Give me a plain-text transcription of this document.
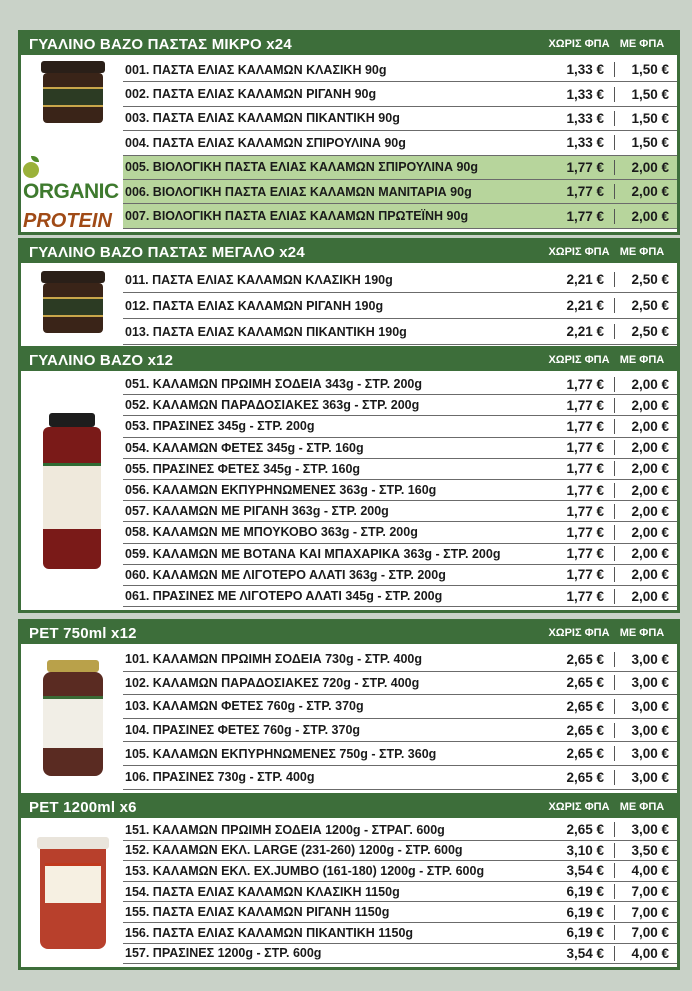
ΓΥΑΛΙΝΟ ΒΑΖΟ ΠΑΣΤΑΣ ΜΙΚΡΟ x24	ΧΩΡΙΣ ΦΠΑ ΜΕ ΦΠΑ
ORGANIC
PROTEIN
001. ΠΑΣΤΑ ΕΛΙΑΣ ΚΑΛΑΜΩΝ ΚΛΑΣΙΚΗ 90g	1,33 €	1,50 €
002. ΠΑΣΤΑ ΕΛΙΑΣ ΚΑΛΑΜΩΝ ΡΙΓΑΝΗ 90g	1,33 €	1,50 €
003. ΠΑΣΤΑ ΕΛΙΑΣ ΚΑΛΑΜΩΝ ΠΙΚΑΝΤΙΚΗ 90g	1,33 €	1,50 €
004. ΠΑΣΤΑ ΕΛΙΑΣ ΚΑΛΑΜΩΝ ΣΠΙΡΟΥΛΙΝΑ 90g	1,33 €	1,50 €
005. ΒΙΟΛΟΓΙΚΗ ΠΑΣΤΑ ΕΛΙΑΣ ΚΑΛΑΜΩΝ ΣΠΙΡΟΥΛΙΝΑ 90g	1,77 €	2,00 €
006. ΒΙΟΛΟΓΙΚΗ ΠΑΣΤΑ ΕΛΙΑΣ ΚΑΛΑΜΩΝ ΜΑΝΙΤΑΡΙΑ 90g	1,77 €	2,00 €
007. ΒΙΟΛΟΓΙΚΗ ΠΑΣΤΑ ΕΛΙΑΣ ΚΑΛΑΜΩΝ ΠΡΩΤΕΪΝΗ 90g	1,77 €	2,00 €
ΓΥΑΛΙΝΟ ΒΑΖΟ ΠΑΣΤΑΣ ΜΕΓΑΛΟ x24	ΧΩΡΙΣ ΦΠΑ ΜΕ ΦΠΑ
011. ΠΑΣΤΑ ΕΛΙΑΣ ΚΑΛΑΜΩΝ ΚΛΑΣΙΚΗ 190g	2,21 €	2,50 €
012. ΠΑΣΤΑ ΕΛΙΑΣ ΚΑΛΑΜΩΝ ΡΙΓΑΝΗ 190g	2,21 €	2,50 €
013. ΠΑΣΤΑ ΕΛΙΑΣ ΚΑΛΑΜΩΝ ΠΙΚΑΝΤΙΚΗ 190g	2,21 €	2,50 €
ΓΥΑΛΙΝΟ ΒΑΖΟ x12	ΧΩΡΙΣ ΦΠΑ ΜΕ ΦΠΑ
051. ΚΑΛΑΜΩΝ ΠΡΩΙΜΗ ΣΟΔΕΙΑ 343g - ΣΤΡ. 200g	1,77 €	2,00 €
052. ΚΑΛΑΜΩΝ ΠΑΡΑΔΟΣΙΑΚΕΣ 363g - ΣΤΡ. 200g	1,77 €	2,00 €
053. ΠΡΑΣΙΝΕΣ 345g - ΣΤΡ. 200g	1,77 €	2,00 €
054. ΚΑΛΑΜΩΝ ΦΕΤΕΣ 345g - ΣΤΡ. 160g	1,77 €	2,00 €
055. ΠΡΑΣΙΝΕΣ ΦΕΤΕΣ 345g - ΣΤΡ. 160g	1,77 €	2,00 €
056. ΚΑΛΑΜΩΝ ΕΚΠΥΡΗΝΩΜΕΝΕΣ 363g - ΣΤΡ. 160g	1,77 €	2,00 €
057. ΚΑΛΑΜΩΝ ΜΕ ΡΙΓΑΝΗ 363g - ΣΤΡ. 200g	1,77 €	2,00 €
058. ΚΑΛΑΜΩΝ ΜΕ ΜΠΟΥΚΟΒΟ 363g - ΣΤΡ. 200g	1,77 €	2,00 €
059. ΚΑΛΑΜΩΝ ΜΕ ΒΟΤΑΝΑ ΚΑΙ ΜΠΑΧΑΡΙΚΑ 363g - ΣΤΡ. 200g	1,77 €	2,00 €
060. ΚΑΛΑΜΩΝ ΜΕ ΛΙΓΟΤΕΡΟ ΑΛΑΤΙ 363g - ΣΤΡ. 200g	1,77 €	2,00 €
061. ΠΡΑΣΙΝΕΣ ΜΕ ΛΙΓΟΤΕΡΟ ΑΛΑΤΙ 345g - ΣΤΡ. 200g	1,77 €	2,00 €
PET 750ml x12	ΧΩΡΙΣ ΦΠΑ ΜΕ ΦΠΑ
101. ΚΑΛΑΜΩΝ ΠΡΩΙΜΗ ΣΟΔΕΙΑ 730g - ΣΤΡ. 400g	2,65 €	3,00 €
102. ΚΑΛΑΜΩΝ ΠΑΡΑΔΟΣΙΑΚΕΣ 720g - ΣΤΡ. 400g	2,65 €	3,00 €
103. ΚΑΛΑΜΩΝ ΦΕΤΕΣ 760g - ΣΤΡ. 370g	2,65 €	3,00 €
104. ΠΡΑΣΙΝΕΣ ΦΕΤΕΣ 760g - ΣΤΡ. 370g	2,65 €	3,00 €
105. ΚΑΛΑΜΩΝ ΕΚΠΥΡΗΝΩΜΕΝΕΣ 750g - ΣΤΡ. 360g	2,65 €	3,00 €
106. ΠΡΑΣΙΝΕΣ 730g - ΣΤΡ. 400g	2,65 €	3,00 €
PET 1200ml x6	ΧΩΡΙΣ ΦΠΑ ΜΕ ΦΠΑ
151. ΚΑΛΑΜΩΝ ΠΡΩΙΜΗ ΣΟΔΕΙΑ 1200g - ΣΤΡΑΓ. 600g	2,65 €	3,00 €
152. ΚΑΛΑΜΩΝ ΕΚΛ. LARGE (231-260) 1200g - ΣΤΡ. 600g	3,10 €	3,50 €
153. ΚΑΛΑΜΩΝ ΕΚΛ. EX.JUMBO (161-180) 1200g - ΣΤΡ. 600g	3,54 €	4,00 €
154. ΠΑΣΤΑ ΕΛΙΑΣ ΚΑΛΑΜΩΝ ΚΛΑΣΙΚΗ 1150g	6,19 €	7,00 €
155. ΠΑΣΤΑ ΕΛΙΑΣ ΚΑΛΑΜΩΝ ΡΙΓΑΝΗ 1150g	6,19 €	7,00 €
156. ΠΑΣΤΑ ΕΛΙΑΣ ΚΑΛΑΜΩΝ ΠΙΚΑΝΤΙΚΗ 1150g	6,19 €	7,00 €
157. ΠΡΑΣΙΝΕΣ 1200g - ΣΤΡ. 600g	3,54 €	4,00 €
